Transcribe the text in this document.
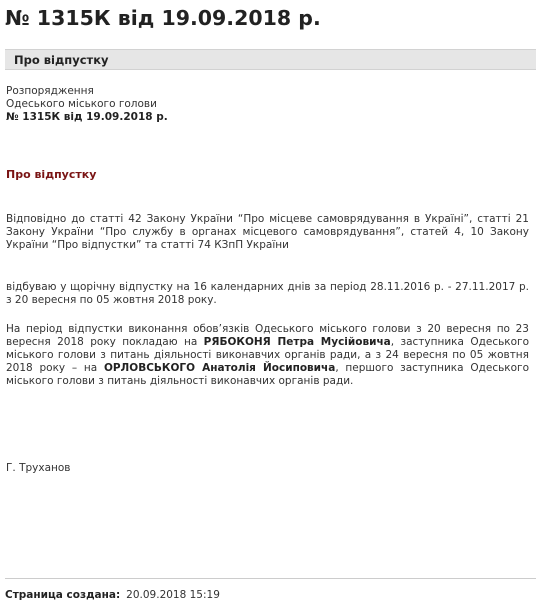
№ 1315К від 19.09.2018 р.
Про відпустку
Розпорядження
Одеського міського голови
№ 1315К від 19.09.2018 р.
Про відпустку

Відповідно до статті 42 Закону України “Про місцеве самоврядування в Україні”, статті 21 Закону України “Про службу в органах місцевого самоврядування”, статей 4, 10 Закону України “Про відпустки” та статті 74 КЗпП України

відбуваю у щорічну відпустку на 16 календарних днів за період 28.11.2016 р. - 27.11.2017 р. з 20 вересня по 05 жовтня 2018 року.

На період відпустки виконання обов’язків Одеського міського голови з 20 вересня по 23 вересня 2018 року покладаю на РЯБОКОНЯ Петра Мусійовича, заступника Одеського міського голови з питань діяльності виконавчих органів ради, а з 24 вересня по 05 жовтня 2018 року – на ОРЛОВСЬКОГО Анатолія Йосиповича, першого заступника Одеського міського голови з питань діяльності виконавчих органів ради.

Г. Труханов
Страница создана: 20.09.2018 15:19
